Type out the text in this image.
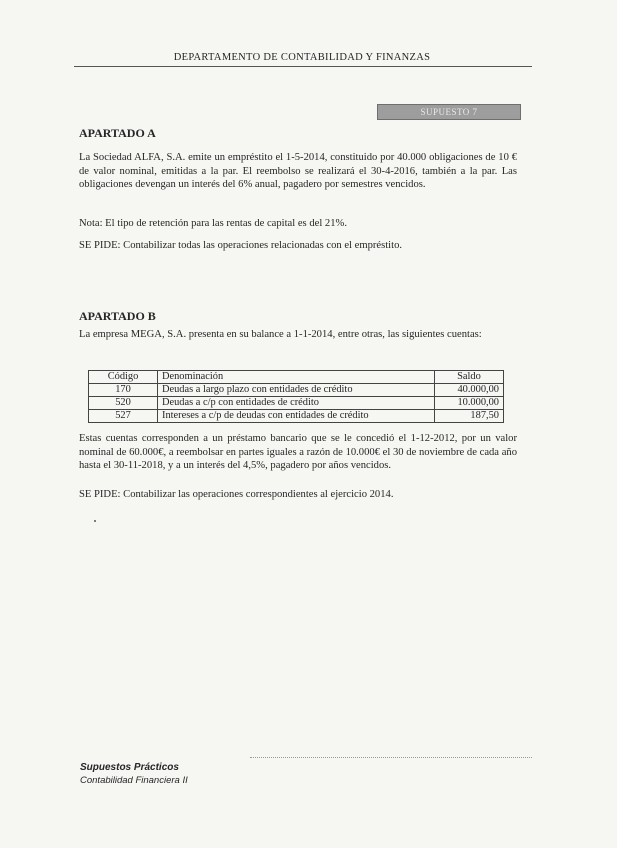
DEPARTAMENTO DE CONTABILIDAD Y FINANZAS
SUPUESTO 7
APARTADO A
La Sociedad ALFA, S.A. emite un empréstito el 1-5-2014, constituido por 40.000 obligaciones de 10 € de valor nominal, emitidas a la par. El reembolso se realizará el 30-4-2016, también a la par. Las obligaciones devengan un interés del 6% anual, pagadero por semestres vencidos.
Nota: El tipo de retención para las rentas de capital es del 21%.
SE PIDE: Contabilizar todas las operaciones relacionadas con el empréstito.
APARTADO B
La empresa MEGA, S.A. presenta en su balance a 1-1-2014, entre otras, las siguientes cuentas:
Código	Denominación	Saldo
170	Deudas a largo plazo con entidades de crédito	40.000,00
520	Deudas a c/p con entidades de crédito	10.000,00
527	Intereses a c/p de deudas con entidades de crédito	187,50
Estas cuentas corresponden a un préstamo bancario que se le concedió el 1-12-2012, por un valor nominal de 60.000€, a reembolsar en partes iguales a razón de 10.000€ el 30 de noviembre de cada año hasta el 30-11-2018, y a un interés del 4,5%, pagadero por años vencidos.
SE PIDE: Contabilizar las operaciones correspondientes al ejercicio 2014.
Supuestos Prácticos
Contabilidad Financiera II
